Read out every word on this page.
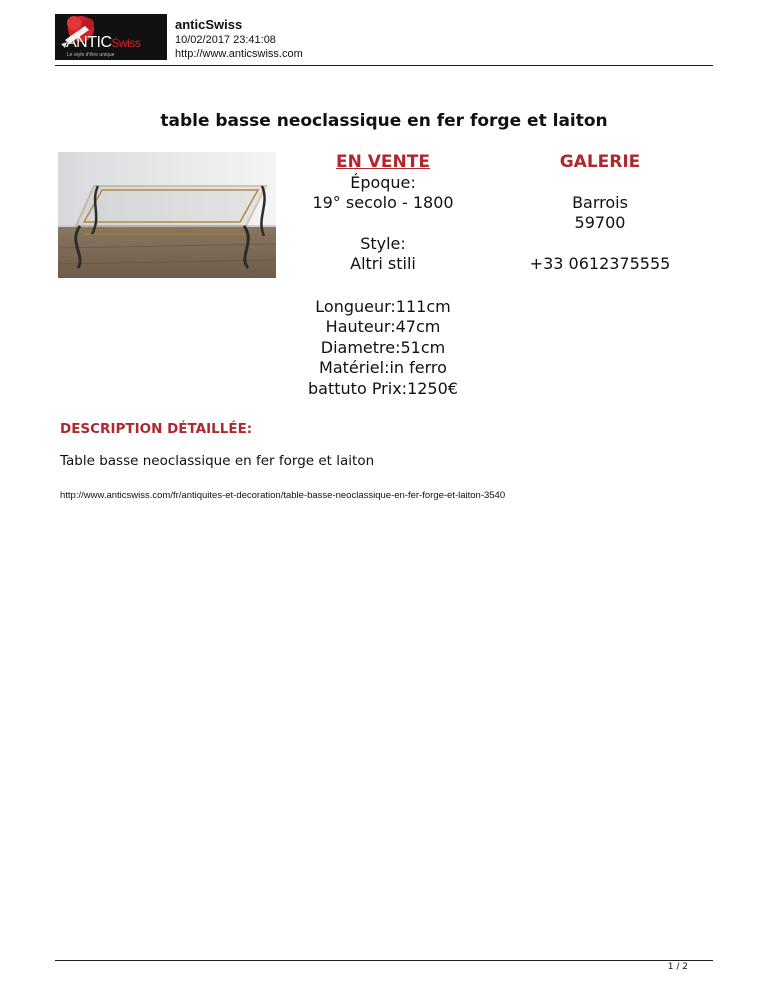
ANTICSwiss
Le style d'être unique
anticSwiss
10/02/2017 23:41:08
http://www.anticswiss.com
table basse neoclassique en fer forge et laiton
EN VENTE
Époque:
19° secolo - 1800
Style:
Altri stili
Longueur:111cm
Hauteur:47cm
Diametre:51cm
Matériel:in ferro
battuto Prix:1250€
GALERIE
Barrois
59700
+33 0612375555
DESCRIPTION DÉTAILLÉE:
Table basse neoclassique en fer forge et laiton
http://www.anticswiss.com/fr/antiquites-et-decoration/table-basse-neoclassique-en-fer-forge-et-laiton-3540
1 / 2
